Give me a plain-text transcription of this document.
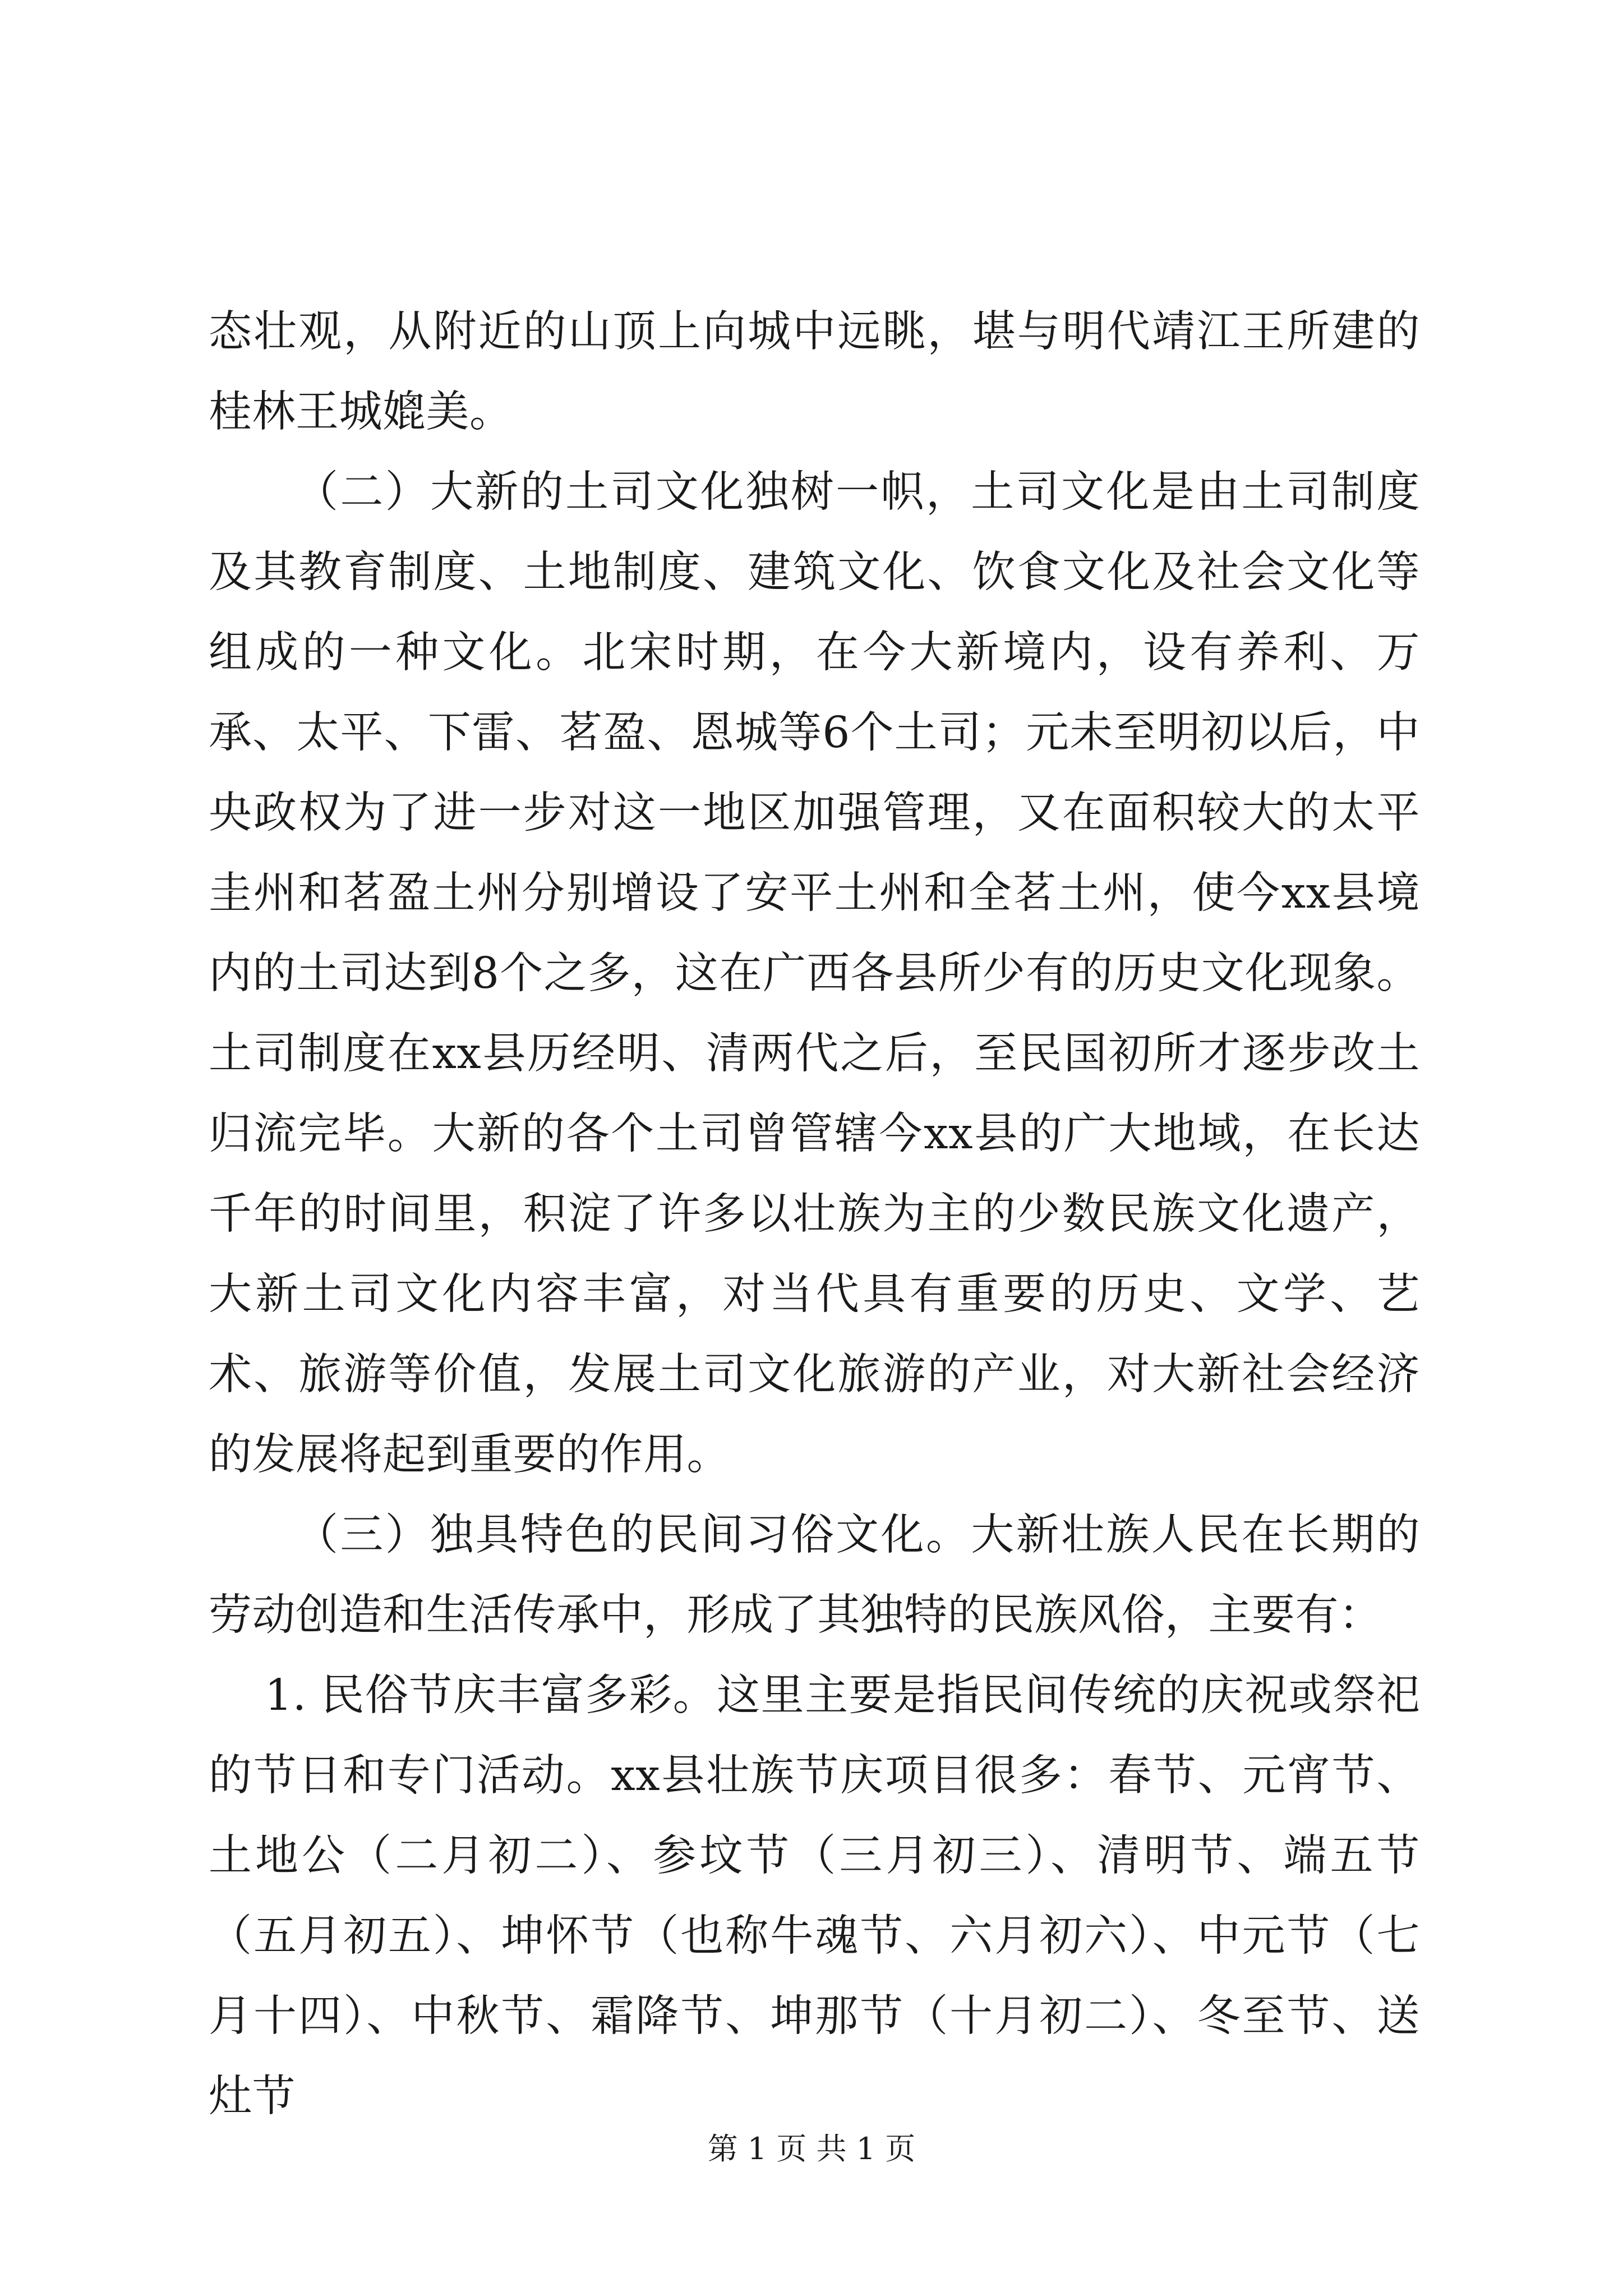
态壮观，从附近的山顶上向城中远眺，堪与明代靖江王所建的桂林王城媲美。

（二）大新的土司文化独树一帜，土司文化是由土司制度及其教育制度、土地制度、建筑文化、饮食文化及社会文化等组成的一种文化。北宋时期，在今大新境内，设有养利、万承、太平、下雷、茗盈、恩城等6个土司；元未至明初以后，中央政权为了进一步对这一地区加强管理，又在面积较大的太平圭州和茗盈土州分别增设了安平土州和全茗土州，使今xx县境内的土司达到8个之多，这在广西各县所少有的历史文化现象。土司制度在xx县历经明、清两代之后，至民国初所才逐步改土归流完毕。大新的各个土司曾管辖今xx县的广大地域，在长达千年的时间里，积淀了许多以壮族为主的少数民族文化遗产，大新土司文化内容丰富，对当代具有重要的历史、文学、艺术、旅游等价值，发展土司文化旅游的产业，对大新社会经济的发展将起到重要的作用。

（三）独具特色的民间习俗文化。大新壮族人民在长期的劳动创造和生活传承中，形成了其独特的民族风俗，主要有：

1. 民俗节庆丰富多彩。这里主要是指民间传统的庆祝或祭祀的节日和专门活动。xx县壮族节庆项目很多：春节、元宵节、土地公（二月初二）、参坟节（三月初三）、清明节、端五节（五月初五）、坤怀节（也称牛魂节、六月初六）、中元节（七月十四）、中秋节、霜降节、坤那节（十月初二）、冬至节、送灶节

第 1 页 共 1 页
